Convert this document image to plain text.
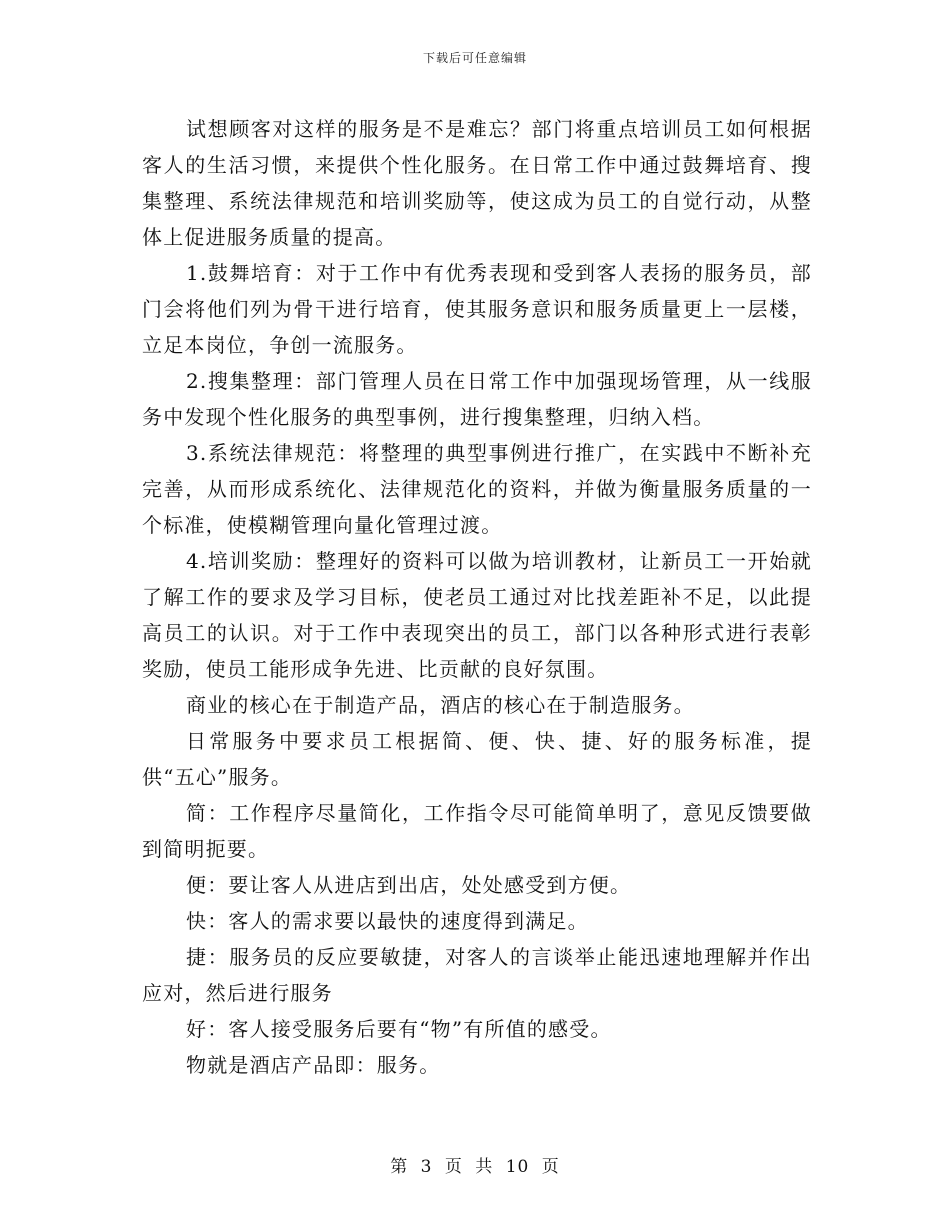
下载后可任意编辑

试想顾客对这样的服务是不是难忘？部门将重点培训员工如何根据客人的生活习惯，来提供个性化服务。在日常工作中通过鼓舞培育、搜集整理、系统法律规范和培训奖励等，使这成为员工的自觉行动，从整体上促进服务质量的提高。

1.鼓舞培育：对于工作中有优秀表现和受到客人表扬的服务员，部门会将他们列为骨干进行培育，使其服务意识和服务质量更上一层楼，立足本岗位，争创一流服务。

2.搜集整理：部门管理人员在日常工作中加强现场管理，从一线服务中发现个性化服务的典型事例，进行搜集整理，归纳入档。

3.系统法律规范：将整理的典型事例进行推广，在实践中不断补充完善，从而形成系统化、法律规范化的资料，并做为衡量服务质量的一个标准，使模糊管理向量化管理过渡。

4.培训奖励：整理好的资料可以做为培训教材，让新员工一开始就了解工作的要求及学习目标，使老员工通过对比找差距补不足，以此提高员工的认识。对于工作中表现突出的员工，部门以各种形式进行表彰奖励，使员工能形成争先进、比贡献的良好氛围。

商业的核心在于制造产品，酒店的核心在于制造服务。

日常服务中要求员工根据简、便、快、捷、好的服务标准，提供“五心”服务。

简：工作程序尽量简化，工作指令尽可能简单明了，意见反馈要做到简明扼要。

便：要让客人从进店到出店，处处感受到方便。

快：客人的需求要以最快的速度得到满足。

捷：服务员的反应要敏捷，对客人的言谈举止能迅速地理解并作出应对，然后进行服务

好：客人接受服务后要有“物”有所值的感受。

物就是酒店产品即：服务。

第 3 页 共 10 页
